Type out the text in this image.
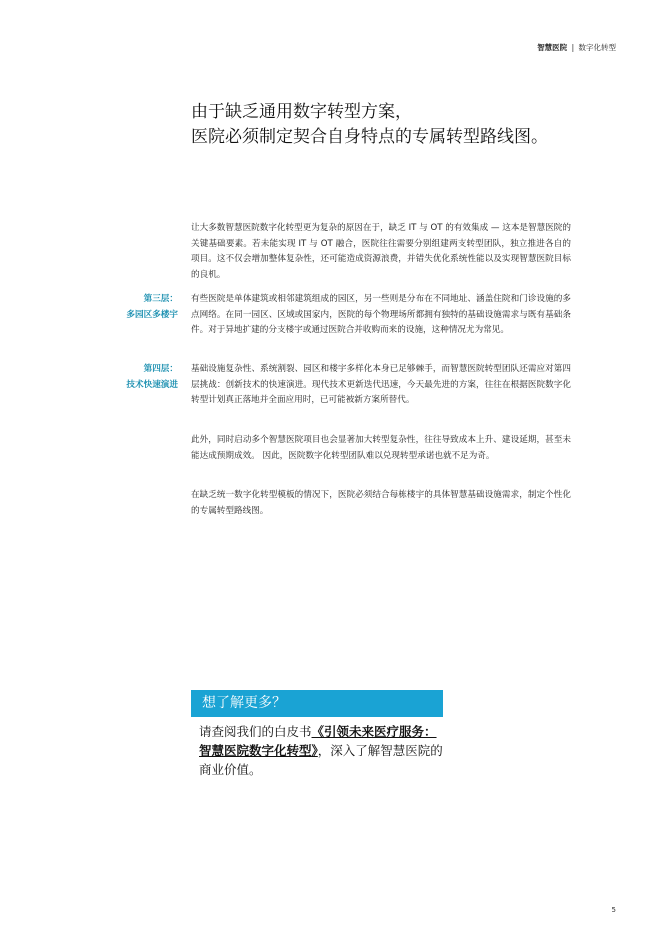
智慧医院 | 数字化转型
由于缺乏通用数字转型方案，
医院必须制定契合自身特点的专属转型路线图。

让大多数智慧医院数字化转型更为复杂的原因在于，缺乏 IT 与 OT 的有效集成 — 这本是智慧医院的关键基础要素。若未能实现 IT 与 OT 融合，医院往往需要分别组建两支转型团队，独立推进各自的项目。这不仅会增加整体复杂性，还可能造成资源浪费，并错失优化系统性能以及实现智慧医院目标的良机。

第三层：
多园区多楼宇

有些医院是单体建筑或相邻建筑组成的园区，另一些则是分布在不同地址、涵盖住院和门诊设施的多点网络。在同一园区、区域或国家内，医院的每个物理场所都拥有独特的基础设施需求与既有基础条件。对于异地扩建的分支楼宇或通过医院合并收购而来的设施，这种情况尤为常见。

第四层：
技术快速演进

基础设施复杂性、系统割裂、园区和楼宇多样化本身已足够棘手，而智慧医院转型团队还需应对第四层挑战：创新技术的快速演进。现代技术更新迭代迅速，今天最先进的方案，往往在根据医院数字化转型计划真正落地并全面应用时，已可能被新方案所替代。

此外，同时启动多个智慧医院项目也会显著加大转型复杂性，往往导致成本上升、建设延期，甚至未能达成预期成效。 因此，医院数字化转型团队难以兑现转型承诺也就不足为奇。

在缺乏统一数字化转型模板的情况下，医院必须结合每栋楼宇的具体智慧基础设施需求，制定个性化的专属转型路线图。

想了解更多？
请查阅我们的白皮书《引领未来医疗服务：智慧医院数字化转型》，深入了解智慧医院的商业价值。
5
